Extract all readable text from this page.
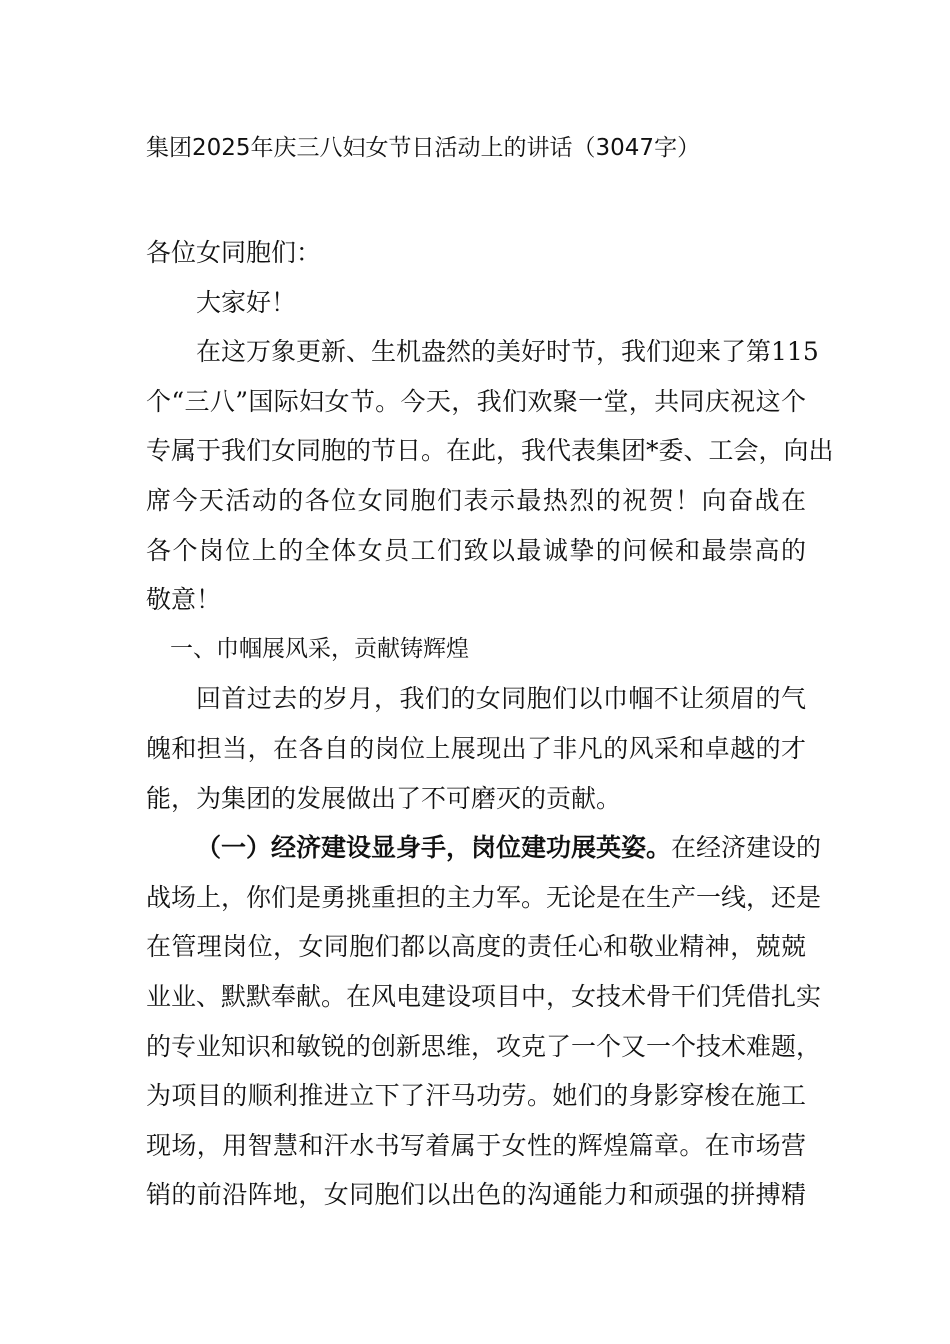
集团2025年庆三八妇女节日活动上的讲话（3047字）
各位女同胞们：
大家好！
在这万象更新、生机盎然的美好时节，我们迎来了第115
个“三八”国际妇女节。今天，我们欢聚一堂，共同庆祝这个
专属于我们女同胞的节日。在此，我代表集团*委、工会，向出
席今天活动的各位女同胞们表示最热烈的祝贺！向奋战在
各个岗位上的全体女员工们致以最诚挚的问候和最崇高的
敬意！
一、巾帼展风采，贡献铸辉煌
回首过去的岁月，我们的女同胞们以巾帼不让须眉的气
魄和担当，在各自的岗位上展现出了非凡的风采和卓越的才
能，为集团的发展做出了不可磨灭的贡献。
（一）经济建设显身手，岗位建功展英姿。在经济建设的
战场上，你们是勇挑重担的主力军。无论是在生产一线，还是
在管理岗位，女同胞们都以高度的责任心和敬业精神，兢兢
业业、默默奉献。在风电建设项目中，女技术骨干们凭借扎实
的专业知识和敏锐的创新思维，攻克了一个又一个技术难题，
为项目的顺利推进立下了汗马功劳。她们的身影穿梭在施工
现场，用智慧和汗水书写着属于女性的辉煌篇章。在市场营
销的前沿阵地，女同胞们以出色的沟通能力和顽强的拼搏精
